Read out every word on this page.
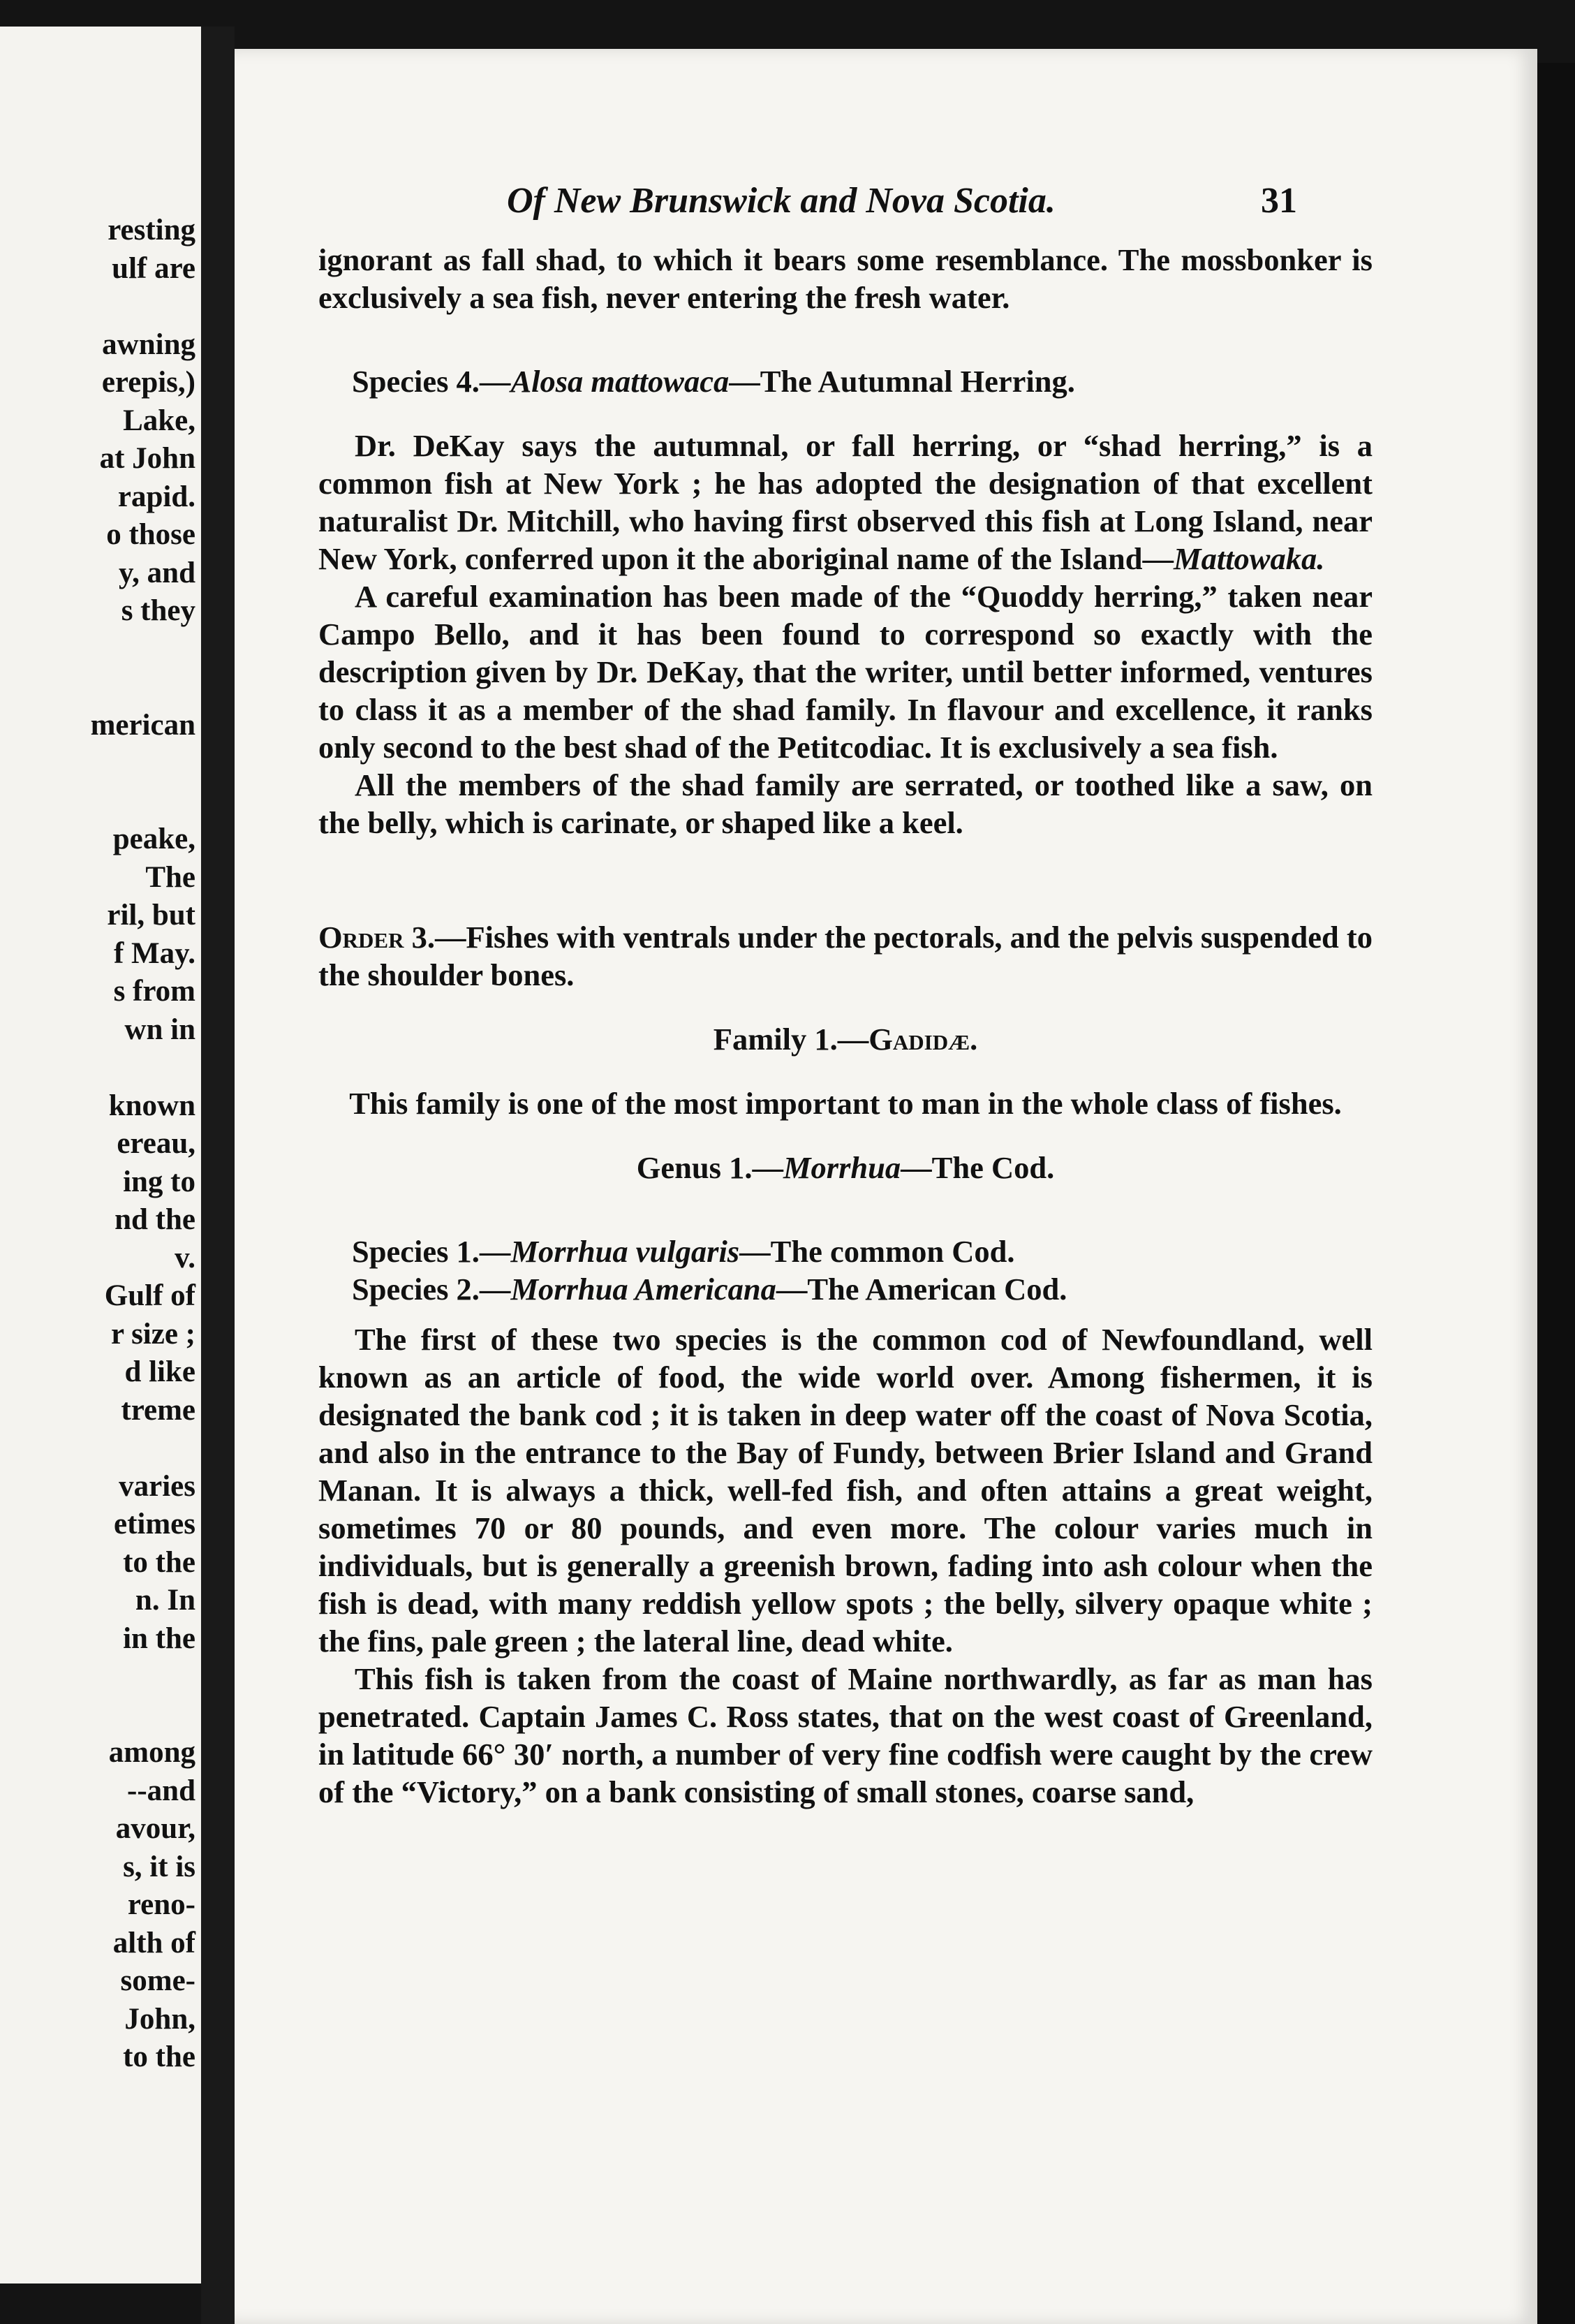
resting
ulf are
awning
erepis,)
Lake,
at John
rapid.
o those
y, and
s they
merican
peake,
The
ril, but
f May.
s from
wn in
known
ereau,
ing to
nd the
v.
Gulf of
r size ;
d like
treme
varies
etimes
to the
n. In
in the
among
--and
avour,
s, it is
reno-
alth of
some-
John,
to the
Of New Brunswick and Nova Scotia.	31

ignorant as fall shad, to which it bears some resemblance. The mossbonker is exclusively a sea fish, never entering the fresh water.

Species 4.—Alosa mattowaca—The Autumnal Herring.

Dr. DeKay says the autumnal, or fall herring, or “shad herring,” is a common fish at New York ; he has adopted the designation of that excellent naturalist Dr. Mitchill, who having first observed this fish at Long Island, near New York, conferred upon it the aboriginal name of the Island—Mattowaka.

A careful examination has been made of the “Quoddy herring,” taken near Campo Bello, and it has been found to correspond so exactly with the description given by Dr. DeKay, that the writer, until better informed, ventures to class it as a member of the shad family. In flavour and excellence, it ranks only second to the best shad of the Petitcodiac. It is exclusively a sea fish.

All the members of the shad family are serrated, or toothed like a saw, on the belly, which is carinate, or shaped like a keel.

Order 3.—Fishes with ventrals under the pectorals, and the pelvis suspended to the shoulder bones.

Family 1.—Gadidæ.

This family is one of the most important to man in the whole class of fishes.

Genus 1.—Morrhua—The Cod.

Species 1.—Morrhua vulgaris—The common Cod.

Species 2.—Morrhua Americana—The American Cod.

The first of these two species is the common cod of Newfoundland, well known as an article of food, the wide world over. Among fishermen, it is designated the bank cod ; it is taken in deep water off the coast of Nova Scotia, and also in the entrance to the Bay of Fundy, between Brier Island and Grand Manan. It is always a thick, well-fed fish, and often attains a great weight, sometimes 70 or 80 pounds, and even more. The colour varies much in individuals, but is generally a greenish brown, fading into ash colour when the fish is dead, with many reddish yellow spots ; the belly, silvery opaque white ; the fins, pale green ; the lateral line, dead white.

This fish is taken from the coast of Maine northwardly, as far as man has penetrated. Captain James C. Ross states, that on the west coast of Greenland, in latitude 66° 30′ north, a number of very fine codfish were caught by the crew of the “Victory,” on a bank consisting of small stones, coarse sand,
